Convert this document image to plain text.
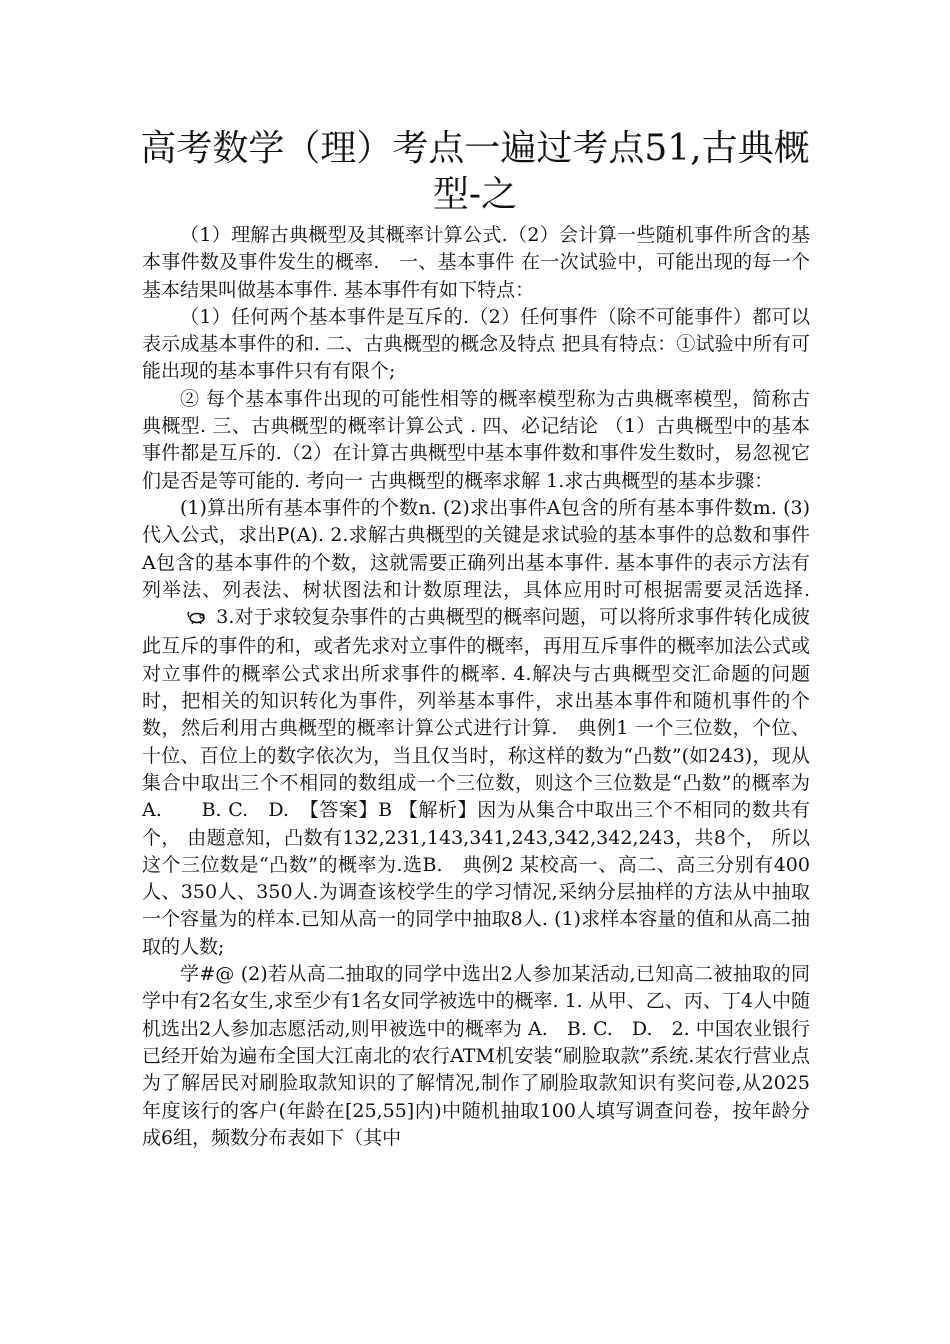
高考数学（理）考点一遍过考点51,古典概型-之

（1）理解古典概型及其概率计算公式.（2）会计算一些随机事件所含的基本事件数及事件发生的概率.　一、基本事件 在一次试验中，可能出现的每一个基本结果叫做基本事件. 基本事件有如下特点：

（1）任何两个基本事件是互斥的.（2）任何事件（除不可能事件）都可以表示成基本事件的和. 二、古典概型的概念及特点 把具有特点：①试验中所有可能出现的基本事件只有有限个;

② 每个基本事件出现的可能性相等的概率模型称为古典概率模型，简称古典概型. 三、古典概型的概率计算公式 . 四、必记结论 （1）古典概型中的基本事件都是互斥的.（2）在计算古典概型中基本事件数和事件发生数时，易忽视它们是否是等可能的. 考向一 古典概型的概率求解 1.求古典概型的基本步骤：

(1)算出所有基本事件的个数n. (2)求出事件A包含的所有基本事件数m. (3)代入公式，求出P(A). 2.求解古典概型的关键是求试验的基本事件的总数和事件A包含的基本事件的个数，这就需要正确列出基本事件. 基本事件的表示方法有列举法、列表法、树状图法和计数原理法，具体应用时可根据需要灵活选择. 3.对于求较复杂事件的古典概型的概率问题，可以将所求事件转化成彼此互斥的事件的和，或者先求对立事件的概率，再用互斥事件的概率加法公式或对立事件的概率公式求出所求事件的概率. 4.解决与古典概型交汇命题的问题时，把相关的知识转化为事件，列举基本事件，求出基本事件和随机事件的个数，然后利用古典概型的概率计算公式进行计算.　典例1 一个三位数，个位、十位、百位上的数字依次为，当且仅当时，称这样的数为“凸数”(如243)，现从集合中取出三个不相同的数组成一个三位数，则这个三位数是“凸数”的概率为 A.　　B. C.　D.　【答案】B 【解析】因为从集合中取出三个不相同的数共有个， 由题意知，凸数有132,231,143,341,243,342,342,243，共8个， 所以这个三位数是“凸数”的概率为.选B.　典例2 某校高一、高二、高三分别有400人、350人、350人.为调查该校学生的学习情况,采纳分层抽样的方法从中抽取一个容量为的样本.已知从高一的同学中抽取8人. (1)求样本容量的值和从高二抽取的人数;

学#@ (2)若从高二抽取的同学中选出2人参加某活动,已知高二被抽取的同学中有2名女生,求至少有1名女同学被选中的概率. 1. 从甲、乙、丙、丁4人中随机选出2人参加志愿活动,则甲被选中的概率为 A.　B. C.　D.　2. 中国农业银行已经开始为遍布全国大江南北的农行ATM机安装“刷脸取款”系统.某农行营业点为了解居民对刷脸取款知识的了解情况,制作了刷脸取款知识有奖问卷,从2025年度该行的客户(年龄在[25,55]内)中随机抽取100人填写调查问卷，按年龄分成6组，频数分布表如下（其中
